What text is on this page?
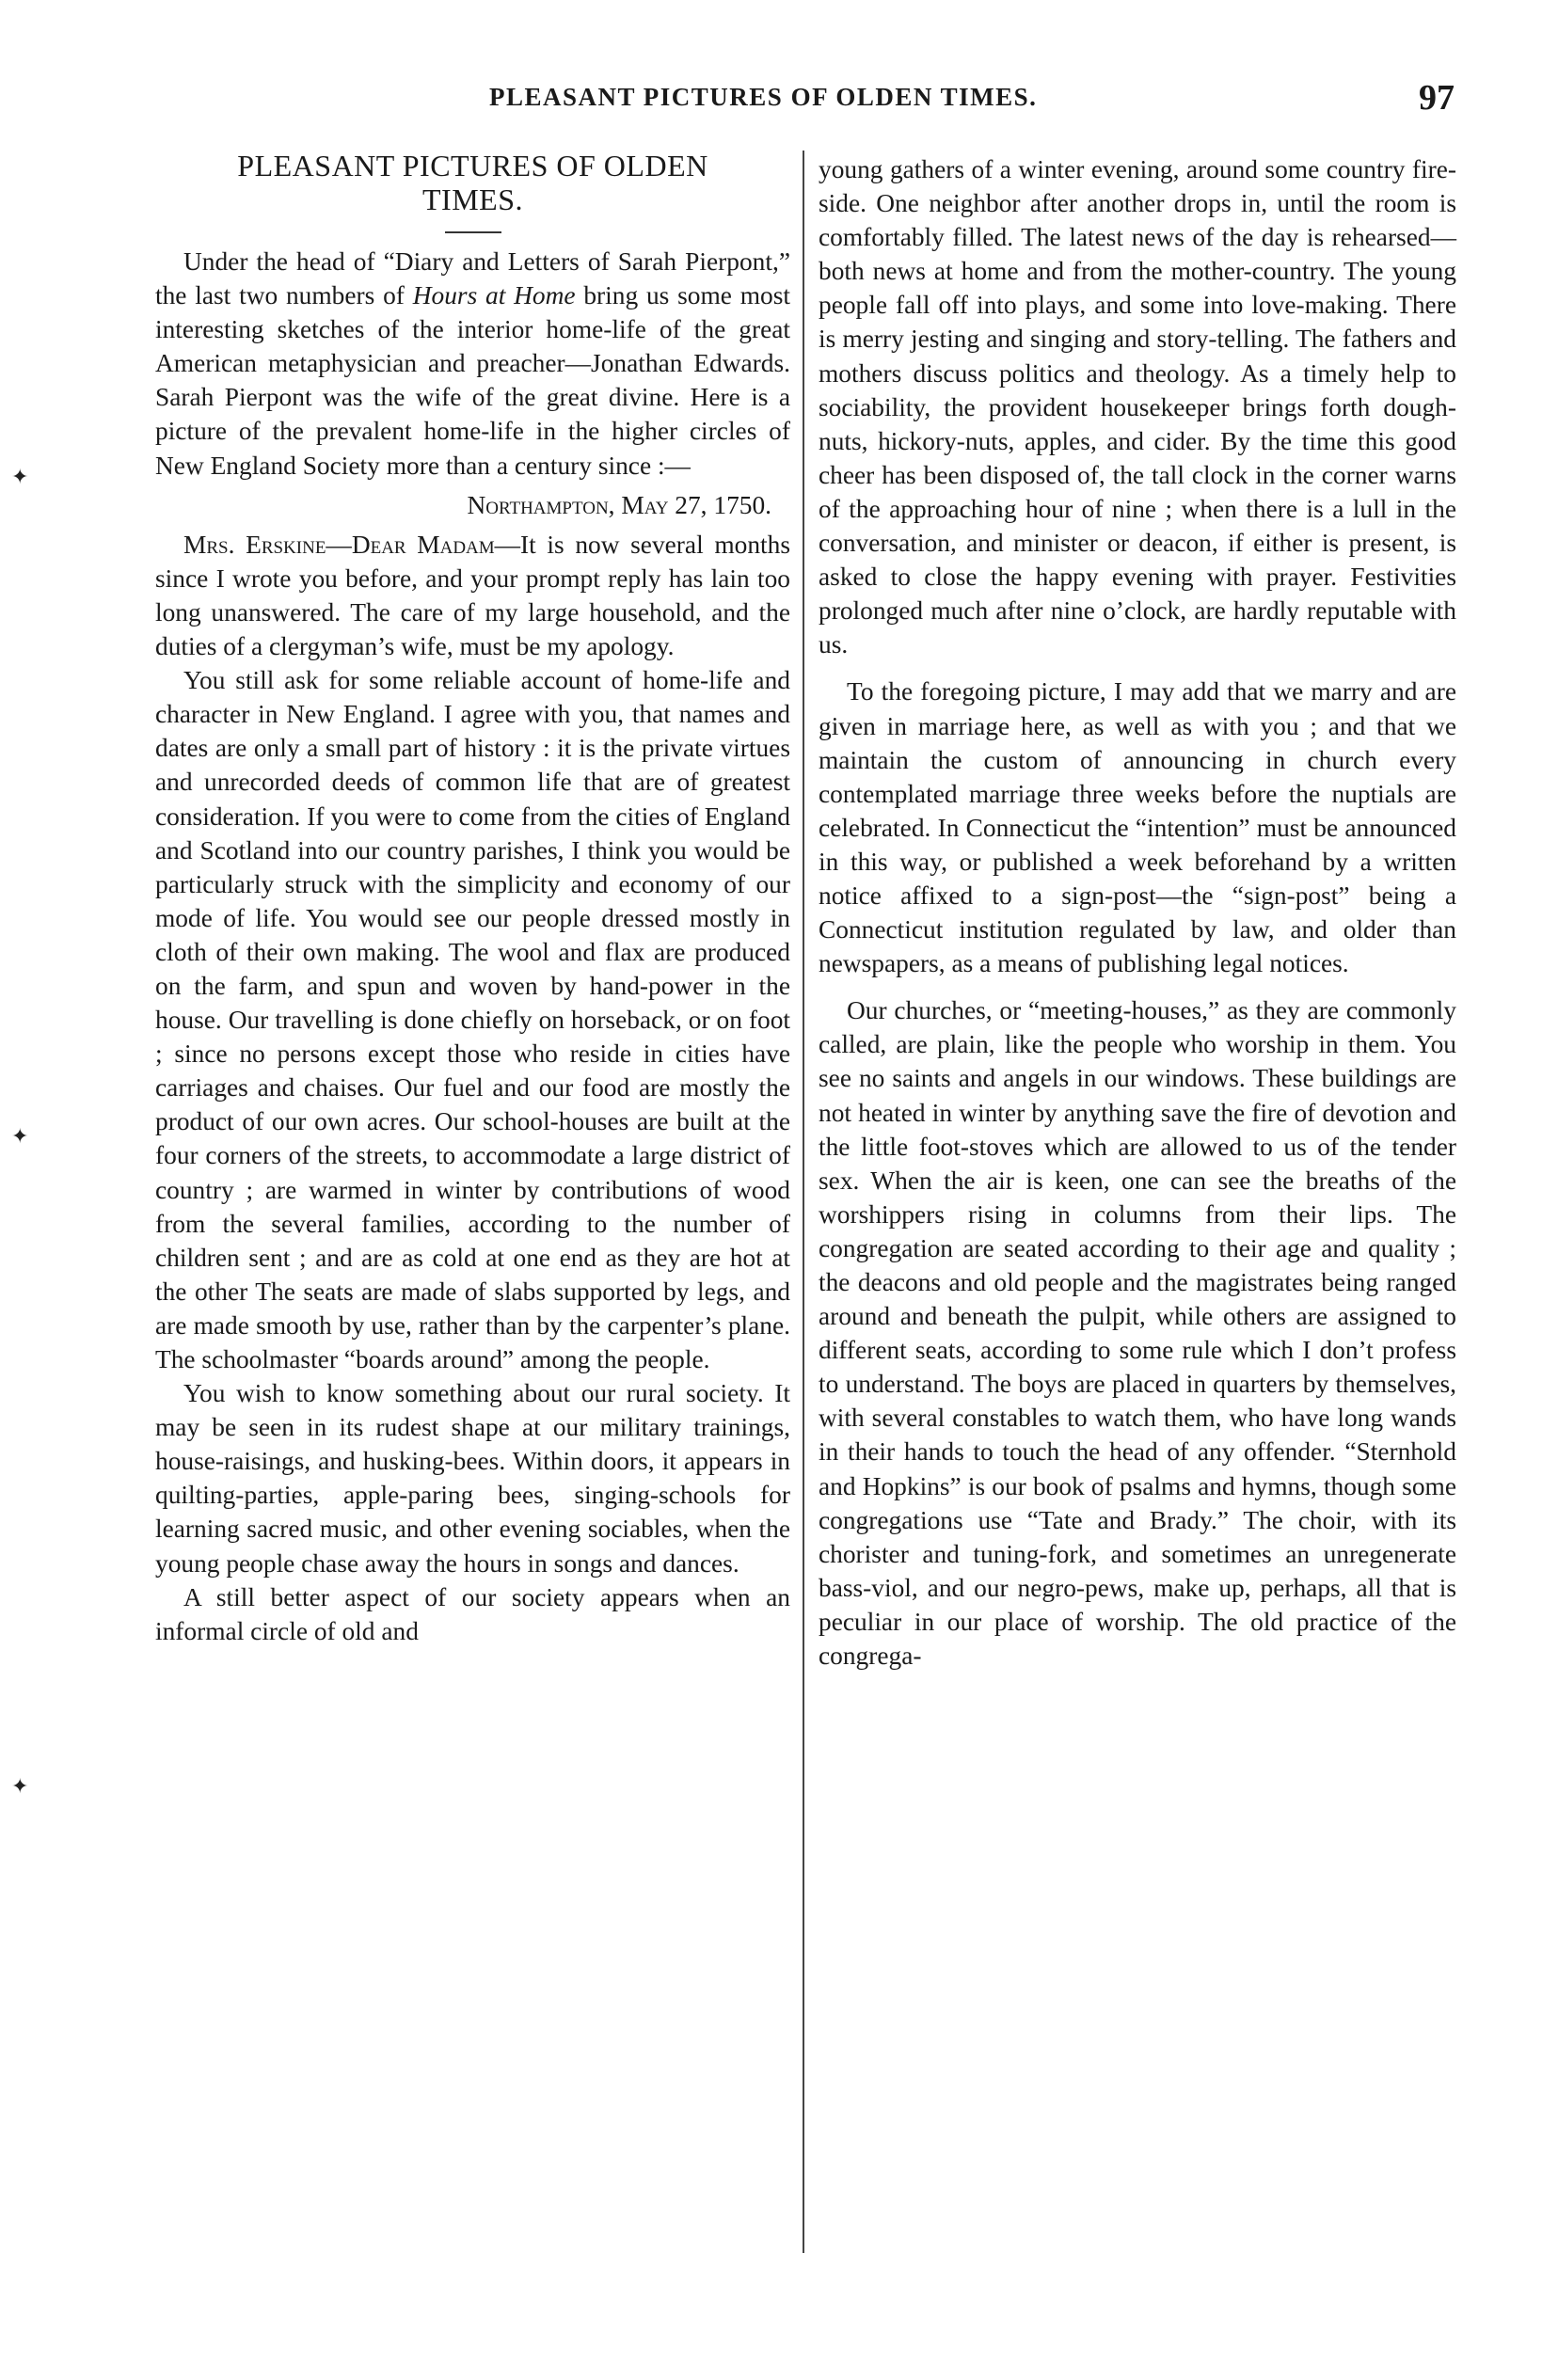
PLEASANT PICTURES OF OLDEN TIMES.	97
✦
✦
✦
PLEASANT PICTURES OF OLDEN
TIMES.

Under the head of “Diary and Letters of Sarah Pierpont,” the last two numbers of Hours at Home bring us some most interesting sketches of the interior home-life of the great American metaphysician and preacher—Jonathan Edwards. Sarah Pierpont was the wife of the great divine. Here is a picture of the prevalent home-life in the higher circles of New England Society more than a century since :—

Northampton, May 27, 1750.

Mrs. Erskine—Dear Madam—It is now several months since I wrote you before, and your prompt reply has lain too long unanswered. The care of my large household, and the duties of a clergyman’s wife, must be my apology.

You still ask for some reliable account of home-life and character in New England. I agree with you, that names and dates are only a small part of history : it is the private virtues and unrecorded deeds of common life that are of greatest consideration. If you were to come from the cities of England and Scotland into our country parishes, I think you would be particularly struck with the simplicity and economy of our mode of life. You would see our people dressed mostly in cloth of their own making. The wool and flax are produced on the farm, and spun and woven by hand-power in the house. Our travelling is done chiefly on horseback, or on foot ; since no persons except those who reside in cities have carriages and chaises. Our fuel and our food are mostly the product of our own acres. Our school-houses are built at the four corners of the streets, to accommodate a large district of country ; are warmed in winter by contributions of wood from the several families, according to the number of children sent ; and are as cold at one end as they are hot at the other The seats are made of slabs supported by legs, and are made smooth by use, rather than by the carpenter’s plane. The schoolmaster “boards around” among the people.

You wish to know something about our rural society. It may be seen in its rudest shape at our military trainings, house-raisings, and husking-bees. Within doors, it appears in quilting-parties, apple-paring bees, singing-schools for learning sacred music, and other evening sociables, when the young people chase away the hours in songs and dances.

A still better aspect of our society appears when an informal circle of old and

young gathers of a winter evening, around some country fire-side. One neighbor after another drops in, until the room is comfortably filled. The latest news of the day is rehearsed—both news at home and from the mother-country. The young people fall off into plays, and some into love-making. There is merry jesting and singing and story-telling. The fathers and mothers discuss politics and theology. As a timely help to sociability, the provident housekeeper brings forth dough-nuts, hickory-nuts, apples, and cider. By the time this good cheer has been disposed of, the tall clock in the corner warns of the approaching hour of nine ; when there is a lull in the conversation, and minister or deacon, if either is present, is asked to close the happy evening with prayer. Festivities prolonged much after nine o’clock, are hardly reputable with us.

To the foregoing picture, I may add that we marry and are given in marriage here, as well as with you ; and that we maintain the custom of announcing in church every contemplated marriage three weeks before the nuptials are celebrated. In Connecticut the “intention” must be announced in this way, or published a week beforehand by a written notice affixed to a sign-post—the “sign-post” being a Connecticut institution regulated by law, and older than newspapers, as a means of publishing legal notices.

Our churches, or “meeting-houses,” as they are commonly called, are plain, like the people who worship in them. You see no saints and angels in our windows. These buildings are not heated in winter by anything save the fire of devotion and the little foot-stoves which are allowed to us of the tender sex. When the air is keen, one can see the breaths of the worshippers rising in columns from their lips. The congregation are seated according to their age and quality ; the deacons and old people and the magistrates being ranged around and beneath the pulpit, while others are assigned to different seats, according to some rule which I don’t profess to understand. The boys are placed in quarters by themselves, with several constables to watch them, who have long wands in their hands to touch the head of any offender. “Sternhold and Hopkins” is our book of psalms and hymns, though some congregations use “Tate and Brady.” The choir, with its chorister and tuning-fork, and sometimes an unregenerate bass-viol, and our negro-pews, make up, perhaps, all that is peculiar in our place of worship. The old practice of the congrega-
